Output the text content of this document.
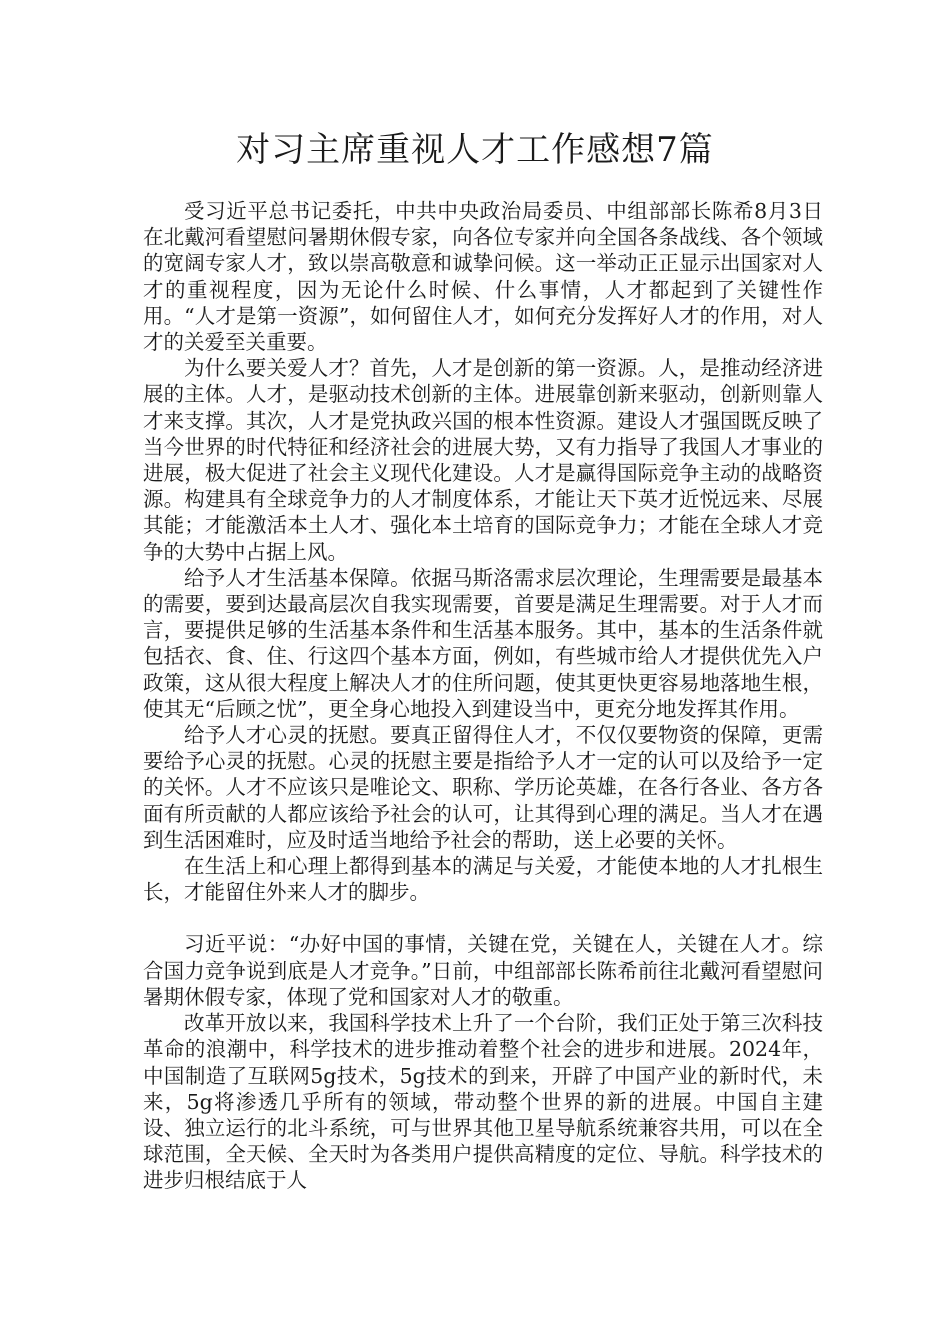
对习主席重视人才工作感想7篇

受习近平总书记委托，中共中央政治局委员、中组部部长陈希8月3日在北戴河看望慰问暑期休假专家，向各位专家并向全国各条战线、各个领域的宽阔专家人才，致以崇高敬意和诚挚问候。这一举动正正显示出国家对人才的重视程度，因为无论什么时候、什么事情，人才都起到了关键性作用。“人才是第一资源”，如何留住人才，如何充分发挥好人才的作用，对人才的关爱至关重要。

为什么要关爱人才？首先，人才是创新的第一资源。人，是推动经济进展的主体。人才，是驱动技术创新的主体。进展靠创新来驱动，创新则靠人才来支撑。其次，人才是党执政兴国的根本性资源。建设人才强国既反映了当今世界的时代特征和经济社会的进展大势，又有力指导了我国人才事业的进展，极大促进了社会主义现代化建设。人才是赢得国际竞争主动的战略资源。构建具有全球竞争力的人才制度体系，才能让天下英才近悦远来、尽展其能；才能激活本土人才、强化本土培育的国际竞争力；才能在全球人才竞争的大势中占据上风。

给予人才生活基本保障。依据马斯洛需求层次理论，生理需要是最基本的需要，要到达最高层次自我实现需要，首要是满足生理需要。对于人才而言，要提供足够的生活基本条件和生活基本服务。其中，基本的生活条件就包括衣、食、住、行这四个基本方面，例如，有些城市给人才提供优先入户政策，这从很大程度上解决人才的住所问题，使其更快更容易地落地生根，使其无“后顾之忧”，更全身心地投入到建设当中，更充分地发挥其作用。

给予人才心灵的抚慰。要真正留得住人才，不仅仅要物资的保障，更需要给予心灵的抚慰。心灵的抚慰主要是指给予人才一定的认可以及给予一定的关怀。人才不应该只是唯论文、职称、学历论英雄，在各行各业、各方各面有所贡献的人都应该给予社会的认可，让其得到心理的满足。当人才在遇到生活困难时，应及时适当地给予社会的帮助，送上必要的关怀。

在生活上和心理上都得到基本的满足与关爱，才能使本地的人才扎根生长，才能留住外来人才的脚步。

习近平说：“办好中国的事情，关键在党，关键在人，关键在人才。综合国力竞争说到底是人才竞争。”日前，中组部部长陈希前往北戴河看望慰问暑期休假专家，体现了党和国家对人才的敬重。

改革开放以来，我国科学技术上升了一个台阶，我们正处于第三次科技革命的浪潮中，科学技术的进步推动着整个社会的进步和进展。2024年，中国制造了互联网5g技术，5g技术的到来，开辟了中国产业的新时代，未来，5g将渗透几乎所有的领域，带动整个世界的新的进展。中国自主建设、独立运行的北斗系统，可与世界其他卫星导航系统兼容共用，可以在全球范围，全天候、全天时为各类用户提供高精度的定位、导航。科学技术的进步归根结底于人
